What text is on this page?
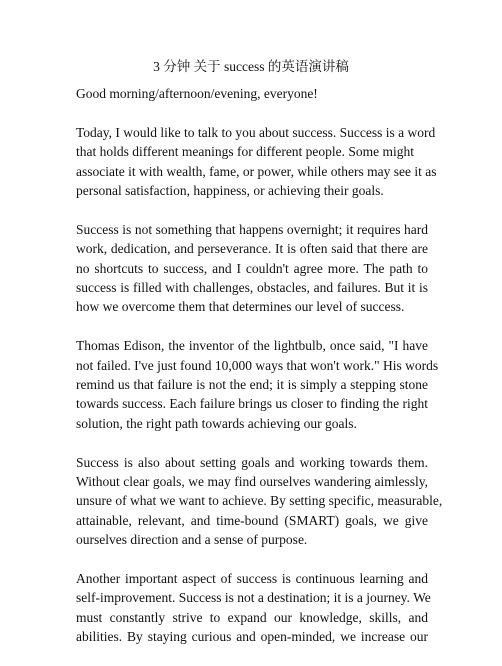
3 分钟 关于 success 的英语演讲稿

Good morning/afternoon/evening, everyone!

Today, I would like to talk to you about success. Success is a word
that holds different meanings for different people. Some might
associate it with wealth, fame, or power, while others may see it as
personal satisfaction, happiness, or achieving their goals.

Success is not something that happens overnight; it requires hard
work, dedication, and perseverance. It is often said that there are
no shortcuts to success, and I couldn't agree more. The path to
success is filled with challenges, obstacles, and failures. But it is
how we overcome them that determines our level of success.

Thomas Edison, the inventor of the lightbulb, once said, "I have
not failed. I've just found 10,000 ways that won't work." His words
remind us that failure is not the end; it is simply a stepping stone
towards success. Each failure brings us closer to finding the right
solution, the right path towards achieving our goals.

Success is also about setting goals and working towards them.
Without clear goals, we may find ourselves wandering aimlessly,
unsure of what we want to achieve. By setting specific, measurable,
attainable, relevant, and time-bound (SMART) goals, we give
ourselves direction and a sense of purpose.

Another important aspect of success is continuous learning and
self-improvement. Success is not a destination; it is a journey. We
must constantly strive to expand our knowledge, skills, and
abilities. By staying curious and open-minded, we increase our
